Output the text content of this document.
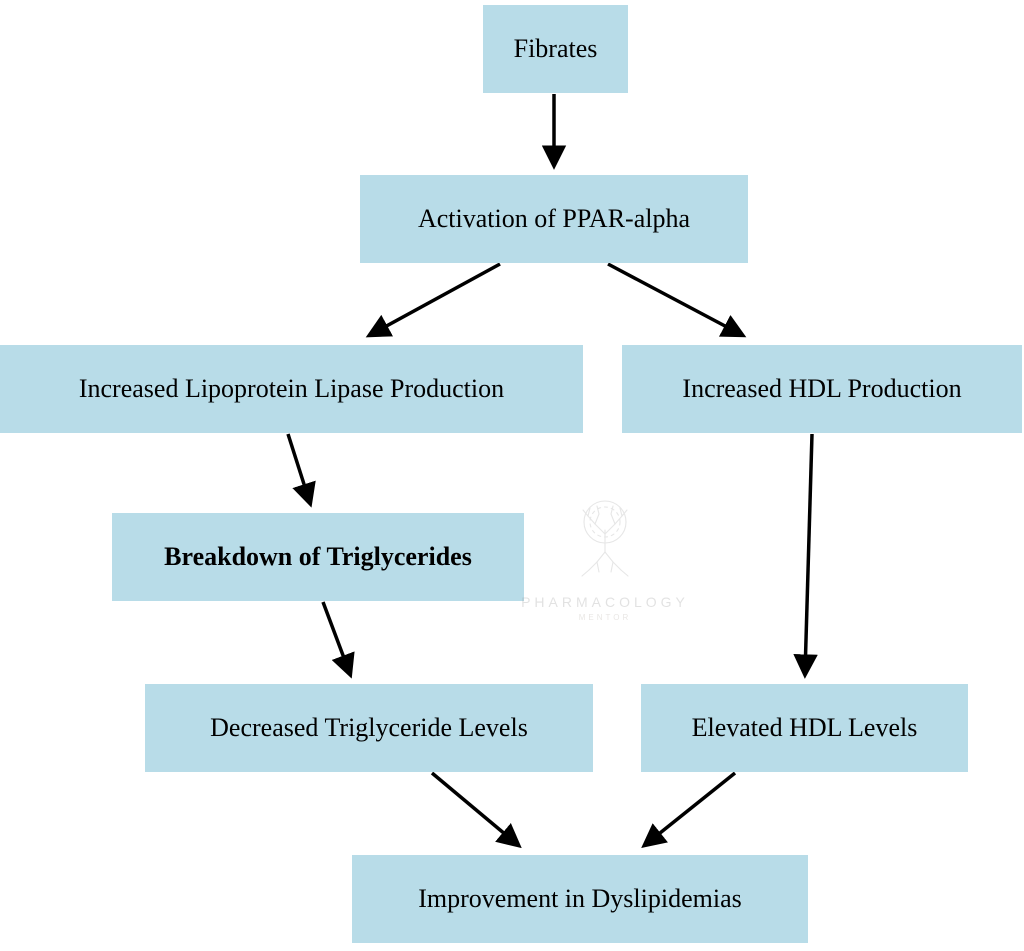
Fibrates
Activation of PPAR-alpha
Increased Lipoprotein Lipase Production	Increased HDL Production
Breakdown of Triglycerides
Decreased Triglyceride Levels	Elevated HDL Levels
Improvement in Dyslipidemias
PHARMACOLOGY
MENTOR
